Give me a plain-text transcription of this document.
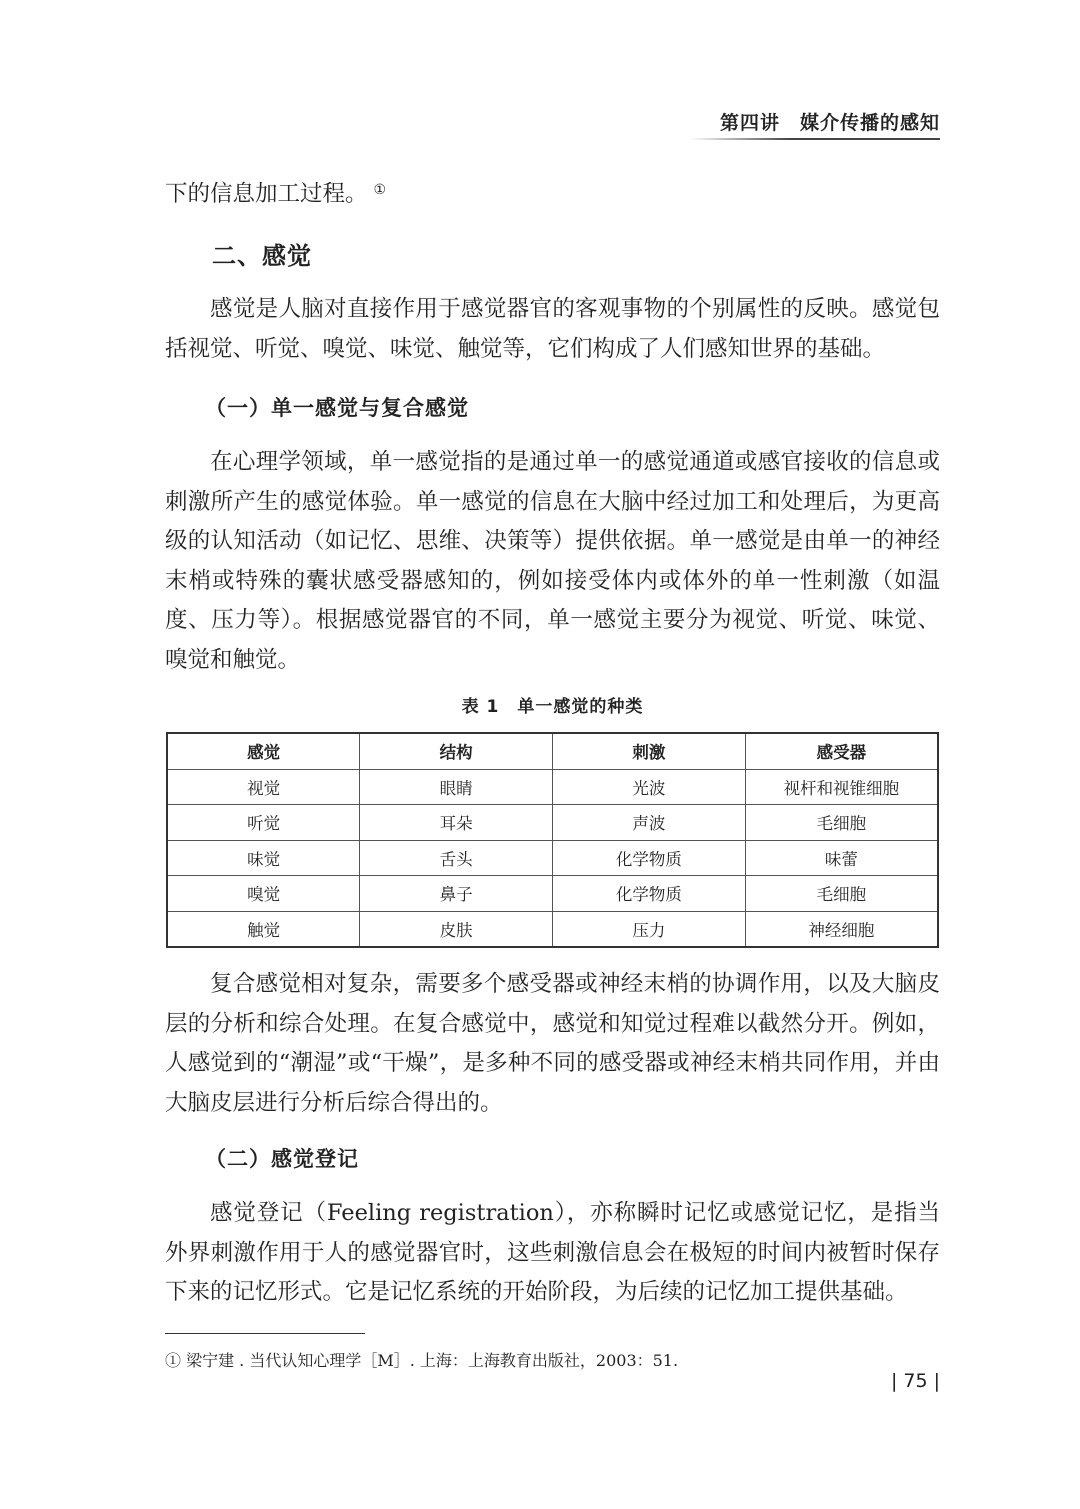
第四讲　媒介传播的感知
下的信息加工过程。 ①
二、感觉
感觉是人脑对直接作用于感觉器官的客观事物的个别属性的反映。感觉包括视觉、听觉、嗅觉、味觉、触觉等，它们构成了人们感知世界的基础。
（一）单一感觉与复合感觉
在心理学领域，单一感觉指的是通过单一的感觉通道或感官接收的信息或刺激所产生的感觉体验。单一感觉的信息在大脑中经过加工和处理后，为更高级的认知活动（如记忆、思维、决策等）提供依据。单一感觉是由单一的神经末梢或特殊的囊状感受器感知的，例如接受体内或体外的单一性刺激（如温度、压力等）。根据感觉器官的不同，单一感觉主要分为视觉、听觉、味觉、嗅觉和触觉。
表 1　单一感觉的种类
感觉	结构	刺激	感受器
视觉	眼睛	光波	视杆和视锥细胞
听觉	耳朵	声波	毛细胞
味觉	舌头	化学物质	味蕾
嗅觉	鼻子	化学物质	毛细胞
触觉	皮肤	压力	神经细胞
复合感觉相对复杂，需要多个感受器或神经末梢的协调作用，以及大脑皮层的分析和综合处理。在复合感觉中，感觉和知觉过程难以截然分开。例如，人感觉到的“潮湿”或“干燥”，是多种不同的感受器或神经末梢共同作用，并由大脑皮层进行分析后综合得出的。
（二）感觉登记
感觉登记（Feeling registration），亦称瞬时记忆或感觉记忆，是指当外界刺激作用于人的感觉器官时，这些刺激信息会在极短的时间内被暂时保存下来的记忆形式。它是记忆系统的开始阶段，为后续的记忆加工提供基础。
① 梁宁建 . 当代认知心理学［M］. 上海：上海教育出版社，2003：51.
| 75 |
